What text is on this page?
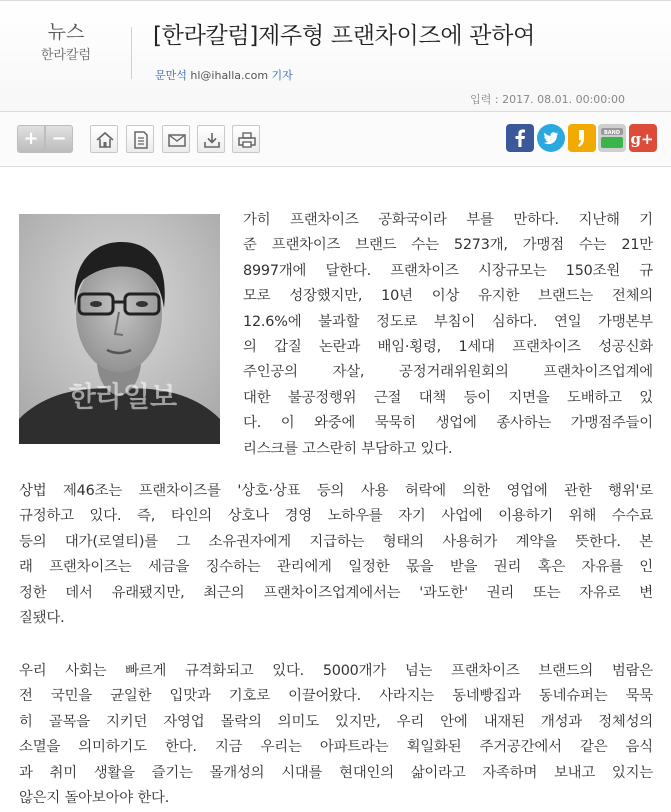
뉴스
한라칼럼
[한라칼럼]제주형 프랜차이즈에 관하여
문만석 hl@ihalla.com 기자
입력 : 2017. 08.01. 00:00:00
+ −	BAND g+
한라일보
가히 프랜차이즈 공화국이라 부를 만하다. 지난해 기
준 프랜차이즈 브랜드 수는 5273개, 가맹점 수는 21만
8997개에 달한다. 프랜차이즈 시장규모는 150조원 규
모로 성장했지만, 10년 이상 유지한 브랜드는 전체의
12.6%에 불과할 정도로 부침이 심하다. 연일 가맹본부
의 갑질 논란과 배임·횡령, 1세대 프랜차이즈 성공신화
주인공의 자살, 공정거래위원회의 프랜차이즈업계에
대한 불공정행위 근절 대책 등이 지면을 도배하고 있
다. 이 와중에 묵묵히 생업에 종사하는 가맹점주들이
리스크를 고스란히 부담하고 있다.
상법 제46조는 프랜차이즈를 '상호·상표 등의 사용 허락에 의한 영업에 관한 행위'로
규정하고 있다. 즉, 타인의 상호나 경영 노하우를 자기 사업에 이용하기 위해 수수료
등의 대가(로열티)를 그 소유권자에게 지급하는 형태의 사용허가 계약을 뜻한다. 본
래 프랜차이즈는 세금을 징수하는 관리에게 일정한 몫을 받을 권리 혹은 자유를 인
정한 데서 유래됐지만, 최근의 프랜차이즈업계에서는 '과도한' 권리 또는 자유로 변
질됐다.
우리 사회는 빠르게 규격화되고 있다. 5000개가 넘는 프랜차이즈 브랜드의 범람은
전 국민을 균일한 입맛과 기호로 이끌어왔다. 사라지는 동네빵집과 동네슈퍼는 묵묵
히 골목을 지키던 자영업 몰락의 의미도 있지만, 우리 안에 내재된 개성과 정체성의
소멸을 의미하기도 한다. 지금 우리는 아파트라는 획일화된 주거공간에서 같은 음식
과 취미 생활을 즐기는 몰개성의 시대를 현대인의 삶이라고 자족하며 보내고 있지는
않은지 돌아보아야 한다.
